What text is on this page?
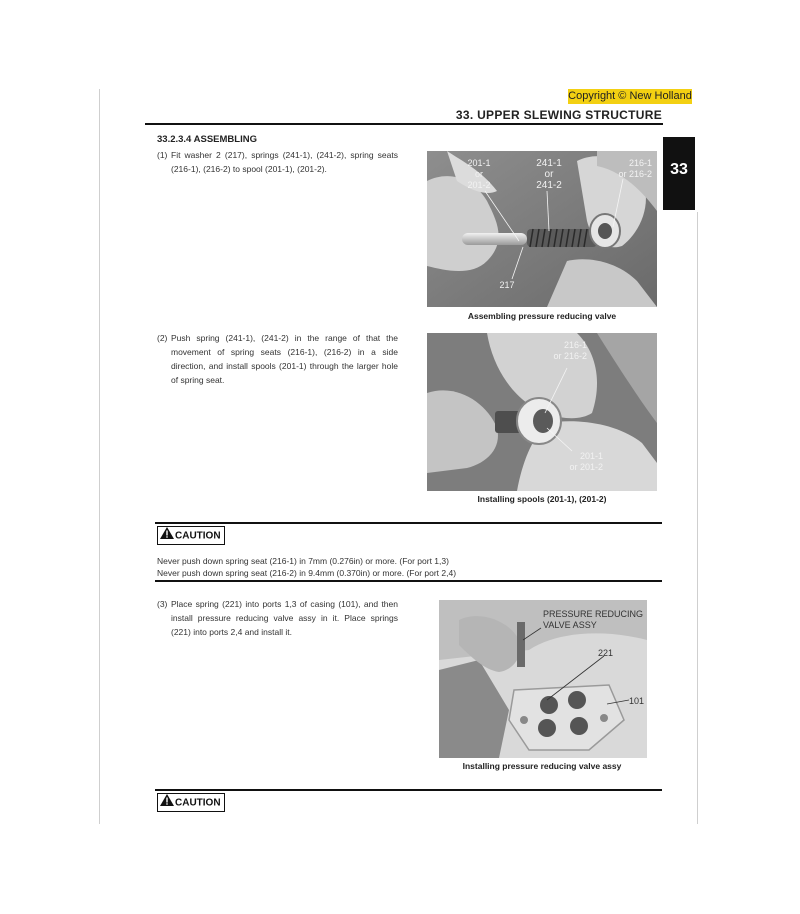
Copyright © New Holland
33. UPPER SLEWING STRUCTURE
33
33.2.3.4 ASSEMBLING
(1) Fit washer 2 (217), springs (241-1), (241-2), spring seats (216-1), (216-2) to spool (201-1), (201-2).
201-1
or
201-2
241-1
or
241-2
216-1
or 216-2
217
Assembling pressure reducing valve
(2) Push spring (241-1), (241-2) in the range of that the movement of spring seats (216-1), (216-2) in a side direction, and install spools (201-1) through the larger hole of spring seat.
216-1
or 216-2
201-1
or 201-2
Installing spools (201-1), (201-2)
CAUTION
Never push down spring seat (216-1) in 7mm (0.276in) or more. (For port 1,3)
Never push down spring seat (216-2) in 9.4mm (0.370in) or more. (For port 2,4)
(3) Place spring (221) into ports 1,3 of casing (101), and then install pressure reducing valve assy in it. Place springs (221) into ports 2,4 and install it.
PRESSURE REDUCING
VALVE ASSY
221
101
Installing pressure reducing valve assy
CAUTION
